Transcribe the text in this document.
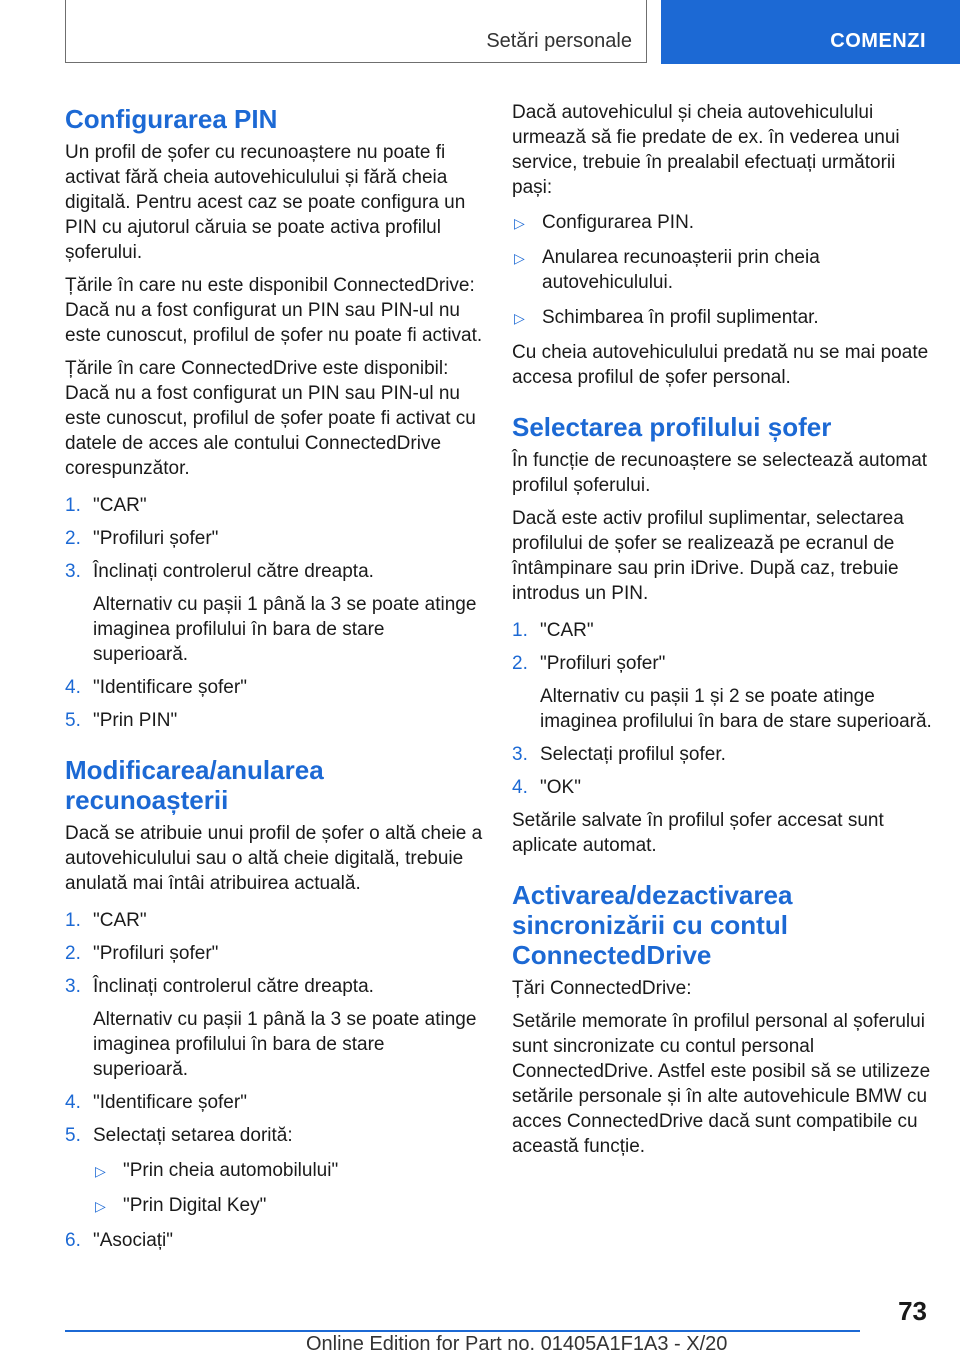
Setări personale	COMENZI
Configurarea PIN

Un profil de șofer cu recunoaștere nu poate fi activat fără cheia autovehiculului și fără cheia digitală. Pentru acest caz se poate configura un PIN cu ajutorul căruia se poate activa profilul șoferului.

Țările în care nu este disponibil ConnectedDrive: Dacă nu a fost configurat un PIN sau PIN-ul nu este cunoscut, profilul de șofer nu poate fi activat.

Țările în care ConnectedDrive este disponibil: Dacă nu a fost configurat un PIN sau PIN-ul nu este cunoscut, profilul de șofer poate fi activat cu datele de acces ale contului ConnectedDrive corespunzător.

1. "CAR"
2. "Profiluri șofer"
3. Înclinați controlerul către dreapta.
Alternativ cu pașii 1 până la 3 se poate atinge imaginea profilului în bara de stare superioară.
4. "Identificare șofer"
5. "Prin PIN"
Modificarea/anularea recunoașterii

Dacă se atribuie unui profil de șofer o altă cheie a autovehiculului sau o altă cheie digitală, trebuie anulată mai întâi atribuirea actuală.

1. "CAR"
2. "Profiluri șofer"
3. Înclinați controlerul către dreapta.
Alternativ cu pașii 1 până la 3 se poate atinge imaginea profilului în bara de stare superioară.
4. "Identificare șofer"
5. Selectați setarea dorită:
▷ "Prin cheia automobilului"
▷ "Prin Digital Key"
6. "Asociați"

Dacă autovehiculul și cheia autovehiculului urmează să fie predate de ex. în vederea unui service, trebuie în prealabil efectuați următorii pași:

▷ Configurarea PIN.
▷ Anularea recunoașterii prin cheia autovehiculului.
▷ Schimbarea în profil suplimentar.

Cu cheia autovehiculului predată nu se mai poate accesa profilul de șofer personal.

Selectarea profilului șofer

În funcție de recunoaștere se selectează automat profilul șoferului.

Dacă este activ profilul suplimentar, selectarea profilului de șofer se realizează pe ecranul de întâmpinare sau prin iDrive. După caz, trebuie introdus un PIN.

1. "CAR"
2. "Profiluri șofer"
Alternativ cu pașii 1 și 2 se poate atinge imaginea profilului în bara de stare superioară.
3. Selectați profilul șofer.
4. "OK"

Setările salvate în profilul șofer accesat sunt aplicate automat.

Activarea/dezactivarea sincronizării cu contul ConnectedDrive

Țări ConnectedDrive:

Setările memorate în profilul personal al șoferului sunt sincronizate cu contul personal ConnectedDrive. Astfel este posibil să se utilizeze setările personale și în alte autovehicule BMW cu acces ConnectedDrive dacă sunt compatibile cu această funcție.

73
Online Edition for Part no. 01405A1F1A3 - X/20
